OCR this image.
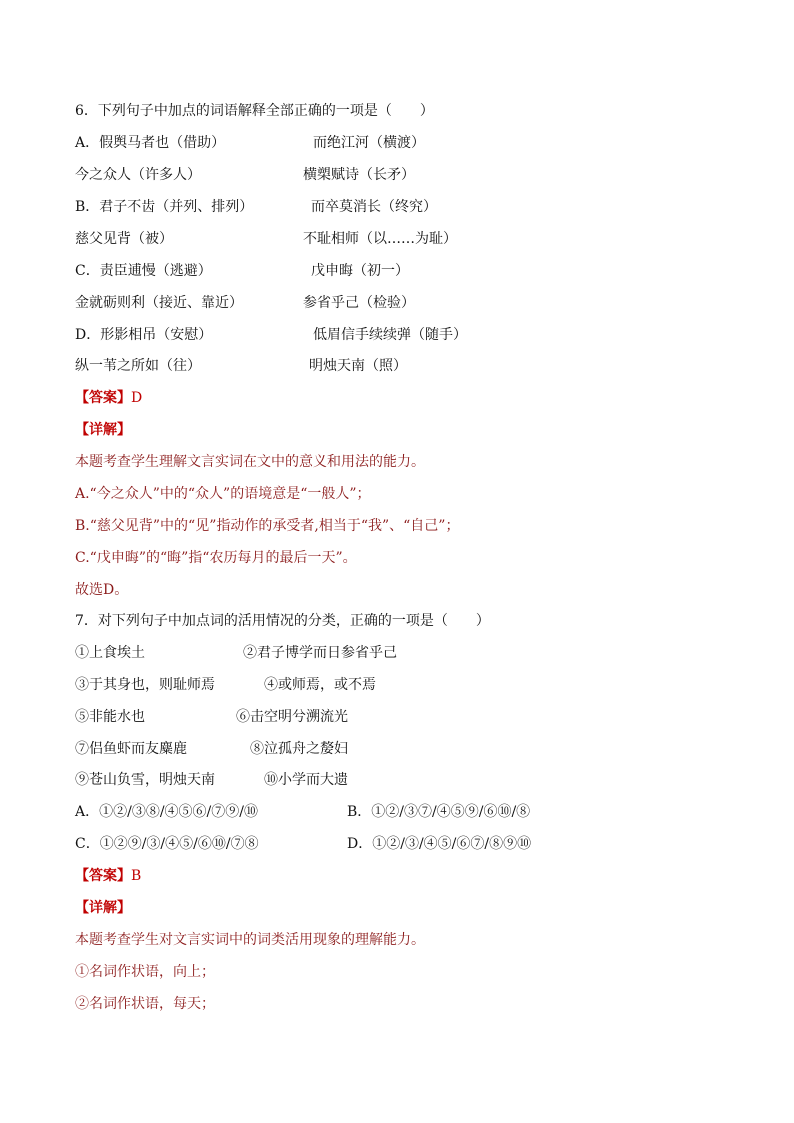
6．下列句子中加点的词语解释全部正确的一项是（　　）
A．假舆马者也（借助）	而绝江河（横渡）
今之众人（许多人）	横槊赋诗（长矛）
B．君子不齿（并列、排列）	而卒莫消长（终究）
慈父见背（被）	不耻相师（以……为耻）
C．责臣逋慢（逃避）	戊申晦（初一）
金就砺则利（接近、靠近）	参省乎己（检验）
D．形影相吊（安慰）	低眉信手续续弹（随手）
纵一苇之所如（往）	明烛天南（照）
【答案】D
【详解】
本题考查学生理解文言实词在文中的意义和用法的能力。
A.“今之众人”中的“众人”的语境意是“一般人”；
B.“慈父见背”中的“见”指动作的承受者,相当于“我”、“自己”；
C.“戊申晦”的“晦”指“农历每月的最后一天”。
故选D。
7．对下列句子中加点词的活用情况的分类，正确的一项是（　　）
①上食埃土	②君子博学而日参省乎己
③于其身也，则耻师焉	④或师焉，或不焉
⑤非能水也	⑥击空明兮溯流光
⑦侣鱼虾而友麋鹿	⑧泣孤舟之嫠妇
⑨苍山负雪，明烛天南	⑩小学而大遗
A．①②/③⑧/④⑤⑥/⑦⑨/⑩	B．①②/③⑦/④⑤⑨/⑥⑩/⑧
C．①②⑨/③/④⑤/⑥⑩/⑦⑧	D．①②/③/④⑤/⑥⑦/⑧⑨⑩
【答案】B
【详解】
本题考查学生对文言实词中的词类活用现象的理解能力。
①名词作状语，向上；
②名词作状语，每天；
